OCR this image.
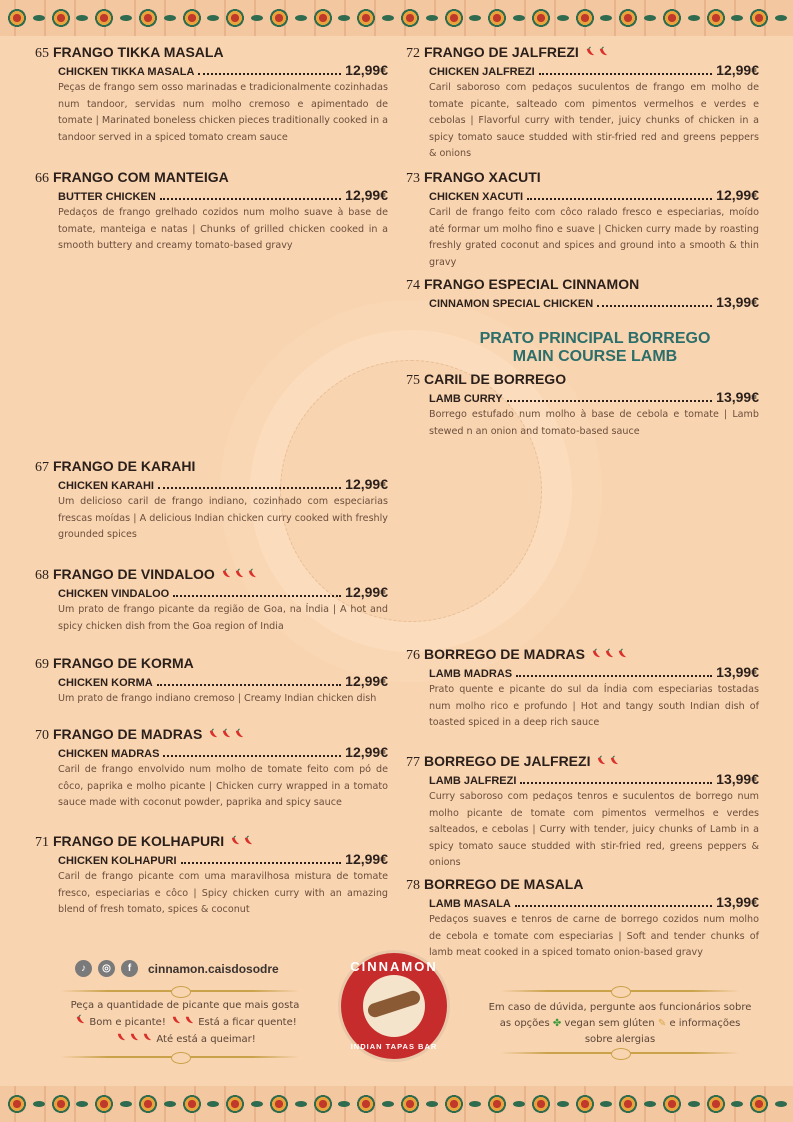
65 FRANGO TIKKA MASALA
CHICKEN TIKKA MASALA	12,99€
Peças de frango sem osso marinadas e tradicionalmente cozinhadas num tandoor, servidas num molho cremoso e apimentado de tomate | Marinated boneless chicken pieces traditionally cooked in a tandoor served in a spiced tomato cream sauce
66 FRANGO COM MANTEIGA
BUTTER CHICKEN	12,99€
Pedaços de frango grelhado cozidos num molho suave à base de tomate, manteiga e natas | Chunks of grilled chicken cooked in a smooth buttery and creamy tomato-based gravy
67 FRANGO DE KARAHI
CHICKEN KARAHI	12,99€
Um delicioso caril de frango indiano, cozinhado com especiarias frescas moídas | A delicious Indian chicken curry cooked with freshly grounded spices
68 FRANGO DE VINDALOO
CHICKEN VINDALOO	12,99€
Um prato de frango picante da região de Goa, na Índia | A hot and spicy chicken dish from the Goa region of India
69 FRANGO DE KORMA
CHICKEN KORMA	12,99€
Um prato de frango indiano cremoso | Creamy Indian chicken dish
70 FRANGO DE MADRAS
CHICKEN MADRAS	12,99€
Caril de frango envolvido num molho de tomate feito com pó de côco, paprika e molho picante | Chicken curry wrapped in a tomato sauce made with coconut powder, paprika and spicy sauce
71 FRANGO DE KOLHAPURI
CHICKEN KOLHAPURI	12,99€
Caril de frango picante com uma maravilhosa mistura de tomate fresco, especiarias e côco | Spicy chicken curry with an amazing blend of fresh tomato, spices & coconut
72 FRANGO DE JALFREZI
CHICKEN JALFREZI	12,99€
Caril saboroso com pedaços suculentos de frango em molho de tomate picante, salteado com pimentos vermelhos e verdes e cebolas | Flavorful curry with tender, juicy chunks of chicken in a spicy tomato sauce studded with stir-fried red and greens peppers & onions
73 FRANGO XACUTI
CHICKEN XACUTI	12,99€
Caril de frango feito com côco ralado fresco e especiarias, moído até formar um molho fino e suave | Chicken curry made by roasting freshly grated coconut and spices and ground into a smooth & thin gravy
74 FRANGO ESPECIAL CINNAMON
CINNAMON SPECIAL CHICKEN	13,99€
75 CARIL DE BORREGO
LAMB CURRY	13,99€
Borrego estufado num molho à base de cebola e tomate | Lamb stewed n an onion and tomato-based sauce
76 BORREGO DE MADRAS
LAMB MADRAS	13,99€
Prato quente e picante do sul da Índia com especiarias tostadas num molho rico e profundo | Hot and tangy south Indian dish of toasted spiced in a deep rich sauce
77 BORREGO DE JALFREZI
LAMB JALFREZI	13,99€
Curry saboroso com pedaços tenros e suculentos de borrego num molho picante de tomate com pimentos vermelhos e verdes salteados, e cebolas | Curry with tender, juicy chunks of Lamb in a spicy tomato sauce studded with stir-fried red, greens peppers & onions
78 BORREGO DE MASALA
LAMB MASALA	13,99€
Pedaços suaves e tenros de carne de borrego cozidos num molho de cebola e tomate com especiarias | Soft and tender chunks of lamb meat cooked in a spiced tomato onion-based gravy
PRATO PRINCIPAL BORREGO
MAIN COURSE LAMB
♪	◎	f	cinnamon.caisdosodre
Peça a quantidade de picante que mais gosta
Bom e picante!	Está a ficar quente!
Até está a queimar!
CINNAMON
INDIAN TAPAS BAR
Em caso de dúvida, pergunte aos funcionários sobre
as opções ✤ vegan sem glúten ✎ e informações
sobre alergias
